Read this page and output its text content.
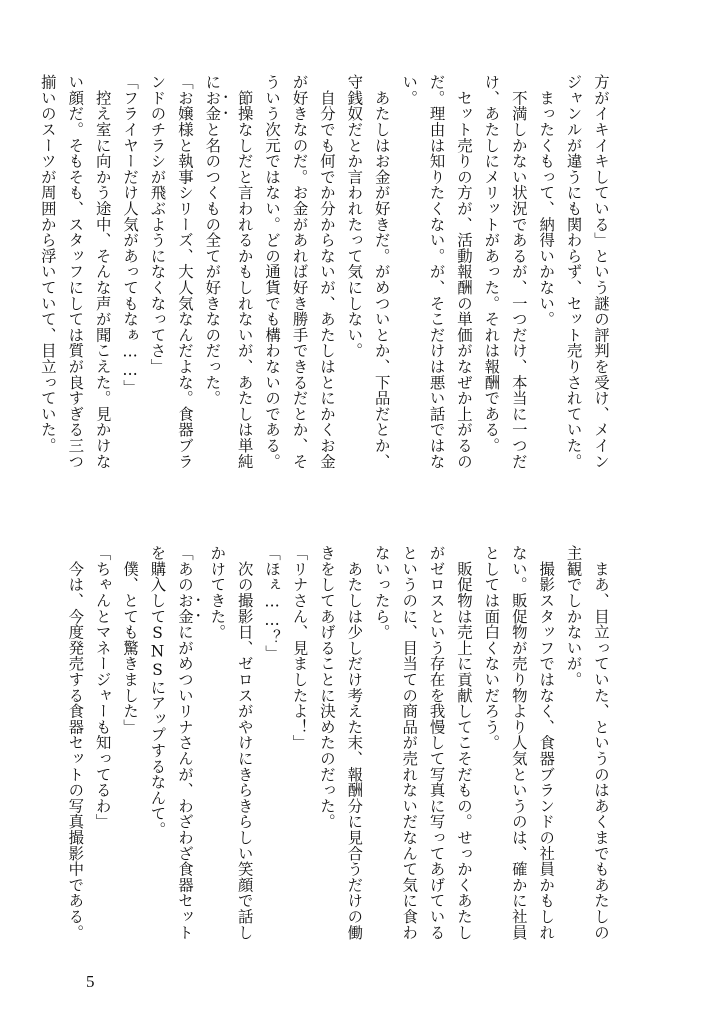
方がイキイキしている」という謎の評判を受け、メイン
ジャンルが違うにも関わらず、セット売りされていた。
　まったくもって、納得いかない。
　不満しかない状況であるが、一つだけ、本当に一つだ
け、あたしにメリットがあった。それは報酬である。
　セット売りの方が、活動報酬の単価がなぜか上がるの
だ。理由は知りたくない。が、そこだけは悪い話ではな
い。
　あたしはお金が好きだ。がめついとか、下品だとか、
守銭奴だとか言われたって気にしない。
　自分でも何でか分からないが、あたしはとにかくお金
が好きなのだ。お金があれば好き勝手できるだとか、そ
ういう次元ではない。どの通貨でも構わないのである。
　節操なしだと言われるかもしれないが、あたしは単純
にお金と名のつくもの全てが好きなのだった。
「お嬢様と執事シリーズ、大人気なんだよな。食器ブラ
ンドのチラシが飛ぶようになくなってさ」
「フライヤーだけ人気があってもなぁ……」
　控え室に向かう途中、そんな声が聞こえた。見かけな
い顔だ。そもそも、スタッフにしては質が良すぎる三つ
揃いのスーツが周囲から浮いていて、目立っていた。
　まあ、目立っていた、というのはあくまでもあたしの
主観でしかないが。
　撮影スタッフではなく、食器ブランドの社員かもしれ
ない。販促物が売り物より人気というのは、確かに社員
としては面白くないだろう。
　販促物は売上に貢献してこそだもの。せっかくあたし
がゼロスという存在を我慢して写真に写ってあげている
というのに、目当ての商品が売れないだなんて気に食わ
ないったら。
　あたしは少しだけ考えた末、報酬分に見合うだけの働
きをしてあげることに決めたのだった。
「リナさん、見ましたよ！」
「ほぇ……？」
　次の撮影日、ゼロスがやけにきらきらしい笑顔で話し
かけてきた。
「あのお金にがめついリナさんが、わざわざ食器セット
を購入してSNSにアップするなんて。
　僕、とても驚きました」
「ちゃんとマネージャーも知ってるわ」
　今は、今度発売する食器セットの写真撮影中である。
5
